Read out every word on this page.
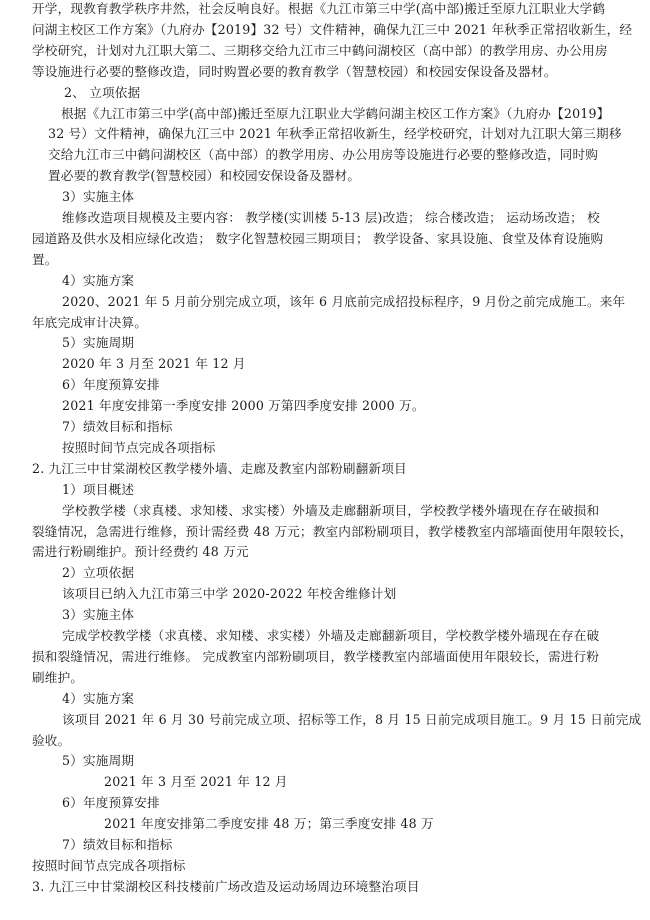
开学，现教育教学秩序井然，社会反响良好。根据《九江市第三中学(高中部)搬迁至原九江职业大学鹤
问湖主校区工作方案》（九府办【2019】32 号）文件精神，确保九江三中 2021 年秋季正常招收新生，经
学校研究，计划对九江职大第二、三期移交给九江市三中鹤问湖校区（高中部）的教学用房、办公用房
等设施进行必要的整修改造，同时购置必要的教育教学（智慧校园）和校园安保设备及器材。
2、 立项依据
根据《九江市第三中学(高中部)搬迁至原九江职业大学鹤问湖主校区工作方案》（九府办【2019】
32 号）文件精神，确保九江三中 2021 年秋季正常招收新生，经学校研究，计划对九江职大第三期移
交给九江市三中鹤问湖校区（高中部）的教学用房、办公用房等设施进行必要的整修改造，同时购
置必要的教育教学(智慧校园）和校园安保设备及器材。
3）实施主体
维修改造项目规模及主要内容： 教学楼(实训楼 5-13 层)改造； 综合楼改造； 运动场改造； 校
园道路及供水及相应绿化改造； 数字化智慧校园三期项目； 教学设备、家具设施、食堂及体育设施购
置。
4）实施方案
2020、2021 年 5 月前分别完成立项，该年 6 月底前完成招投标程序，9 月份之前完成施工。来年
年底完成审计决算。
5）实施周期
2020 年 3 月至 2021 年 12 月
6）年度预算安排
2021 年度安排第一季度安排 2000 万第四季度安排 2000 万。
7）绩效目标和指标
按照时间节点完成各项指标
2. 九江三中甘棠湖校区教学楼外墙、走廊及教室内部粉刷翻新项目
1）项目概述
学校教学楼（求真楼、求知楼、求实楼）外墙及走廊翻新项目，学校教学楼外墙现在存在破损和
裂缝情况，急需进行维修，预计需经费 48 万元；教室内部粉刷项目，教学楼教室内部墙面使用年限较长，
需进行粉刷维护。预计经费约 48 万元
2）立项依据
该项目已纳入九江市第三中学 2020-2022 年校舍维修计划
3）实施主体
完成学校教学楼（求真楼、求知楼、求实楼）外墙及走廊翻新项目，学校教学楼外墙现在存在破
损和裂缝情况，需进行维修。 完成教室内部粉刷项目，教学楼教室内部墙面使用年限较长，需进行粉
刷维护。
4）实施方案
该项目 2021 年 6 月 30 号前完成立项、招标等工作，8 月 15 日前完成项目施工。9 月 15 日前完成
验收。
5）实施周期
2021 年 3 月至 2021 年 12 月
6）年度预算安排
2021 年度安排第二季度安排 48 万；第三季度安排 48 万
7）绩效目标和指标
按照时间节点完成各项指标
3. 九江三中甘棠湖校区科技楼前广场改造及运动场周边环境整治项目
